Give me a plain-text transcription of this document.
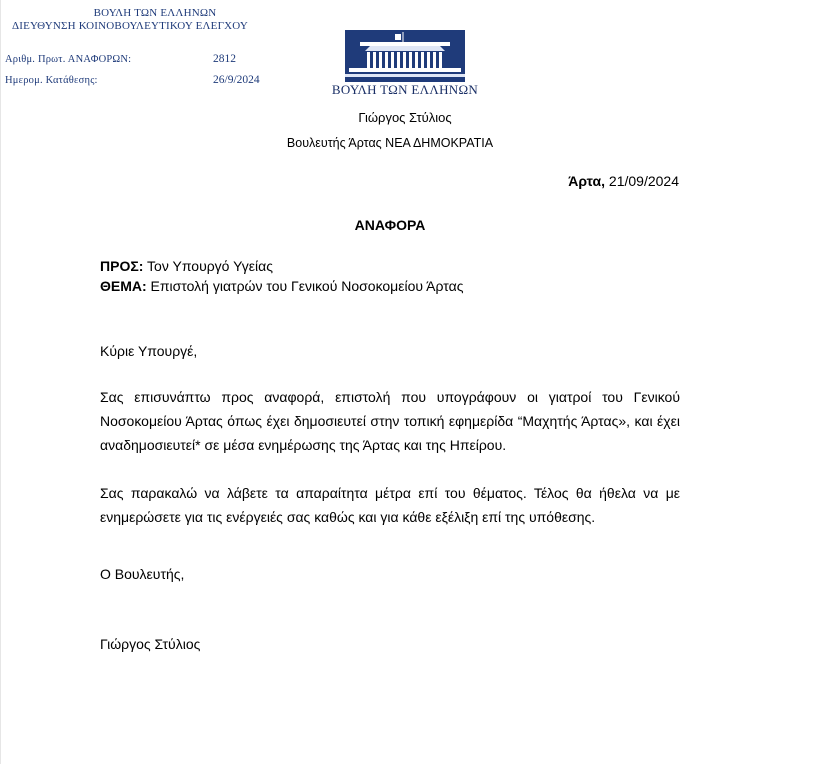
ΒΟΥΛΗ ΤΩΝ ΕΛΛΗΝΩΝ
ΔΙΕΥΘΥΝΣΗ ΚΟΙΝΟΒΟΥΛΕΥΤΙΚΟΥ ΕΛΕΓΧΟΥ
Αριθμ. Πρωτ. ΑΝΑΦΟΡΩΝ:	2812
Ημερομ. Κατάθεσης:	26/9/2024
ΒΟΥΛΗ ΤΩΝ ΕΛΛΗΝΩΝ
Γιώργος Στύλιος
Βουλευτής Άρτας ΝΕΑ ΔΗΜΟΚΡΑΤΙΑ
Άρτα, 21/09/2024
ΑΝΑΦΟΡΑ
ΠΡΟΣ: Τον Υπουργό Υγείας
ΘΕΜΑ: Επιστολή γιατρών του Γενικού Νοσοκομείου Άρτας
Κύριε Υπουργέ,
Σας επισυνάπτω προς αναφορά, επιστολή που υπογράφουν οι γιατροί του Γενικού Νοσοκομείου Άρτας όπως έχει δημοσιευτεί στην τοπική εφημερίδα “Μαχητής Άρτας», και έχει αναδημοσιευτεί* σε μέσα ενημέρωσης της Άρτας και της Ηπείρου.
Σας παρακαλώ να λάβετε τα απαραίτητα μέτρα επί του θέματος. Τέλος θα ήθελα να με ενημερώσετε για τις ενέργειές σας καθώς και για κάθε εξέλιξη επί της υπόθεσης.
Ο Βουλευτής,
Γιώργος Στύλιος
